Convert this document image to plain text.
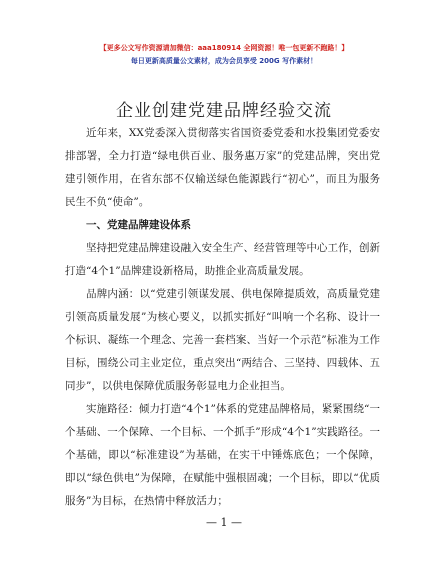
【更多公文写作资源请加微信：aaa180914 全网资源！唯一包更新不跑路！】
每日更新高质量公文素材，成为会员享受 200G 写作素材！
企业创建党建品牌经验交流

近年来，XX党委深入贯彻落实省国资委党委和水投集团党委安排部署，全力打造“绿电供百业、服务惠万家”的党建品牌，突出党建引领作用，在省东部不仅输送绿色能源践行“初心”，而且为服务民生不负“使命”。

一、党建品牌建设体系

坚持把党建品牌建设融入安全生产、经营管理等中心工作，创新打造“4个1”品牌建设新格局，助推企业高质量发展。

品牌内涵：以“党建引领谋发展、供电保障提质效，高质量党建引领高质量发展”为核心要义，以抓实抓好“叫响一个名称、设计一个标识、凝练一个理念、完善一套档案、当好一个示范”标准为工作目标，围绕公司主业定位，重点突出“两结合、三坚持、四载体、五同步”，以供电保障优质服务彰显电力企业担当。

实施路径：倾力打造“4个1”体系的党建品牌格局，紧紧围绕“一个基础、一个保障、一个目标、一个抓手”形成“4个1”实践路径。一个基础，即以“标准建设”为基础，在实干中锤炼底色；一个保障，即以“绿色供电”为保障，在赋能中强根固魂；一个目标，即以“优质服务”为目标，在热情中释放活力；

— 1 —
